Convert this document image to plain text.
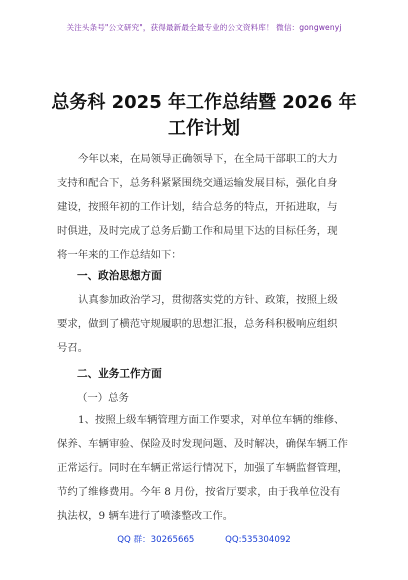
关注头条号"公文研究"，获得最新最全最专业的公文资料库！ 微信：gongwenyj
总务科 2025 年工作总结暨 2026 年
工作计划
今年以来，在局领导正确领导下，在全局干部职工的大力
支持和配合下，总务科紧紧围绕交通运输发展目标，强化自身
建设，按照年初的工作计划，结合总务的特点，开拓进取，与
时俱进，及时完成了总务后勤工作和局里下达的目标任务，现
将一年来的工作总结如下：
一、政治思想方面
认真参加政治学习，贯彻落实党的方针、政策，按照上级
要求，做到了横范守规履职的思想汇报，总务科积极响应组织
号召。
二、业务工作方面
（一）总务
1、按照上级车辆管理方面工作要求，对单位车辆的维修、
保养、车辆审验、保险及时发现问题、及时解决，确保车辆工作
正常运行。同时在车辆正常运行情况下，加强了车辆监督管理，
节约了维修费用。今年 8 月份，按省厅要求，由于我单位没有
执法权，9 辆车进行了喷漆整改工作。
QQ 群：30265665	QQ:535304092
